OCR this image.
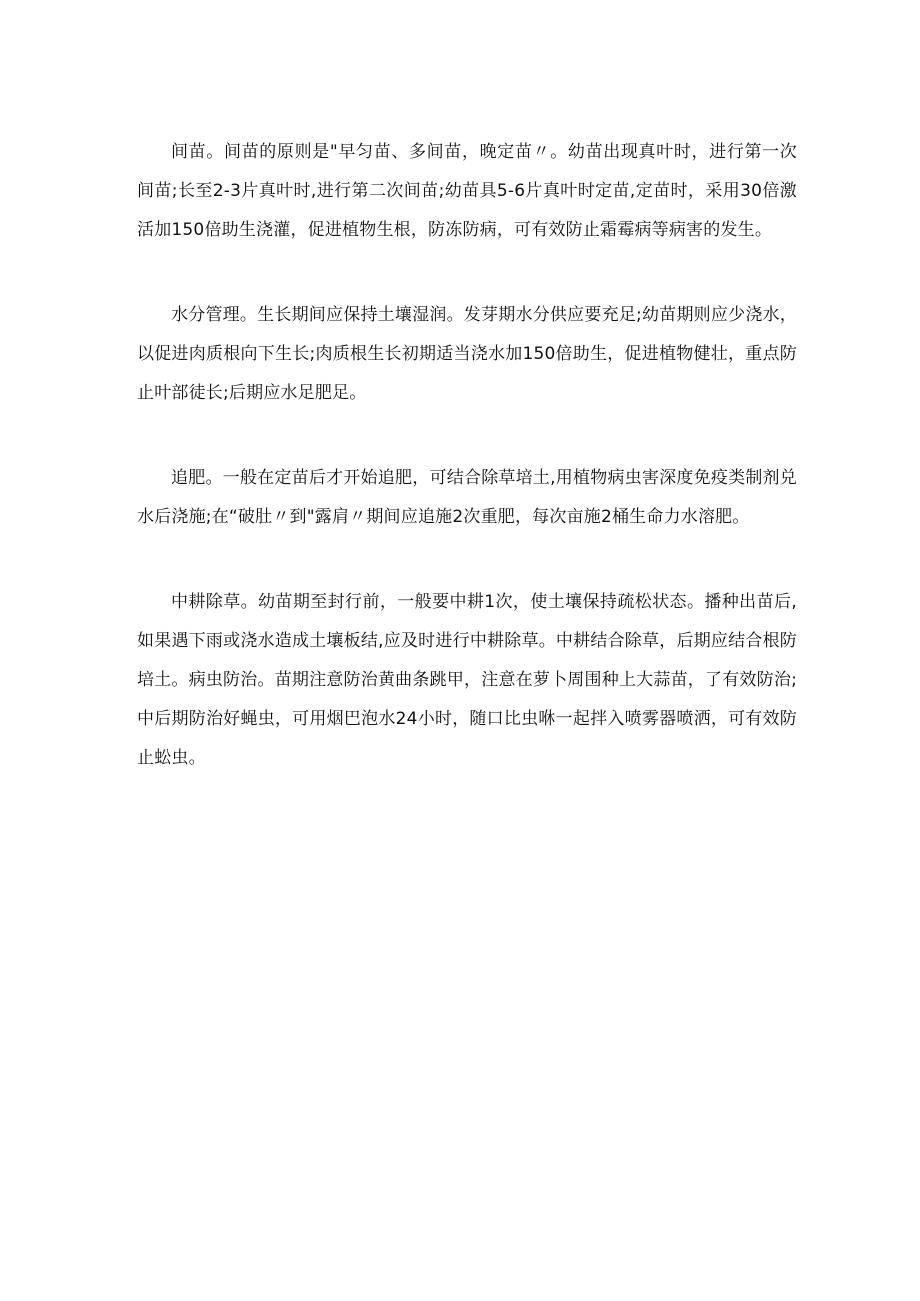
间苗。间苗的原则是"早匀苗、多间苗，晚定苗〃。幼苗出现真叶时，进行第一次间苗;长至2-3片真叶时,进行第二次间苗;幼苗具5-6片真叶时定苗,定苗时，采用30倍激活加150倍助生浇灌，促进植物生根，防冻防病，可有效防止霜霉病等病害的发生。

水分管理。生长期间应保持土壤湿润。发芽期水分供应要充足;幼苗期则应少浇水，以促进肉质根向下生长;肉质根生长初期适当浇水加150倍助生，促进植物健壮，重点防止叶部徒长;后期应水足肥足。

追肥。一般在定苗后才开始追肥，可结合除草培土,用植物病虫害深度免疫类制剂兑水后浇施;在“破肚〃到"露肩〃期间应追施2次重肥，每次亩施2桶生命力水溶肥。

中耕除草。幼苗期至封行前，一般要中耕1次，使土壤保持疏松状态。播种出苗后,如果遇下雨或浇水造成土壤板结,应及时进行中耕除草。中耕结合除草，后期应结合根防培土。病虫防治。苗期注意防治黄曲条跳甲，注意在萝卜周围种上大蒜苗，了有效防治;中后期防治好蝇虫，可用烟巴泡水24小时，随口比虫咻一起拌入喷雾器喷洒，可有效防止蚣虫。
